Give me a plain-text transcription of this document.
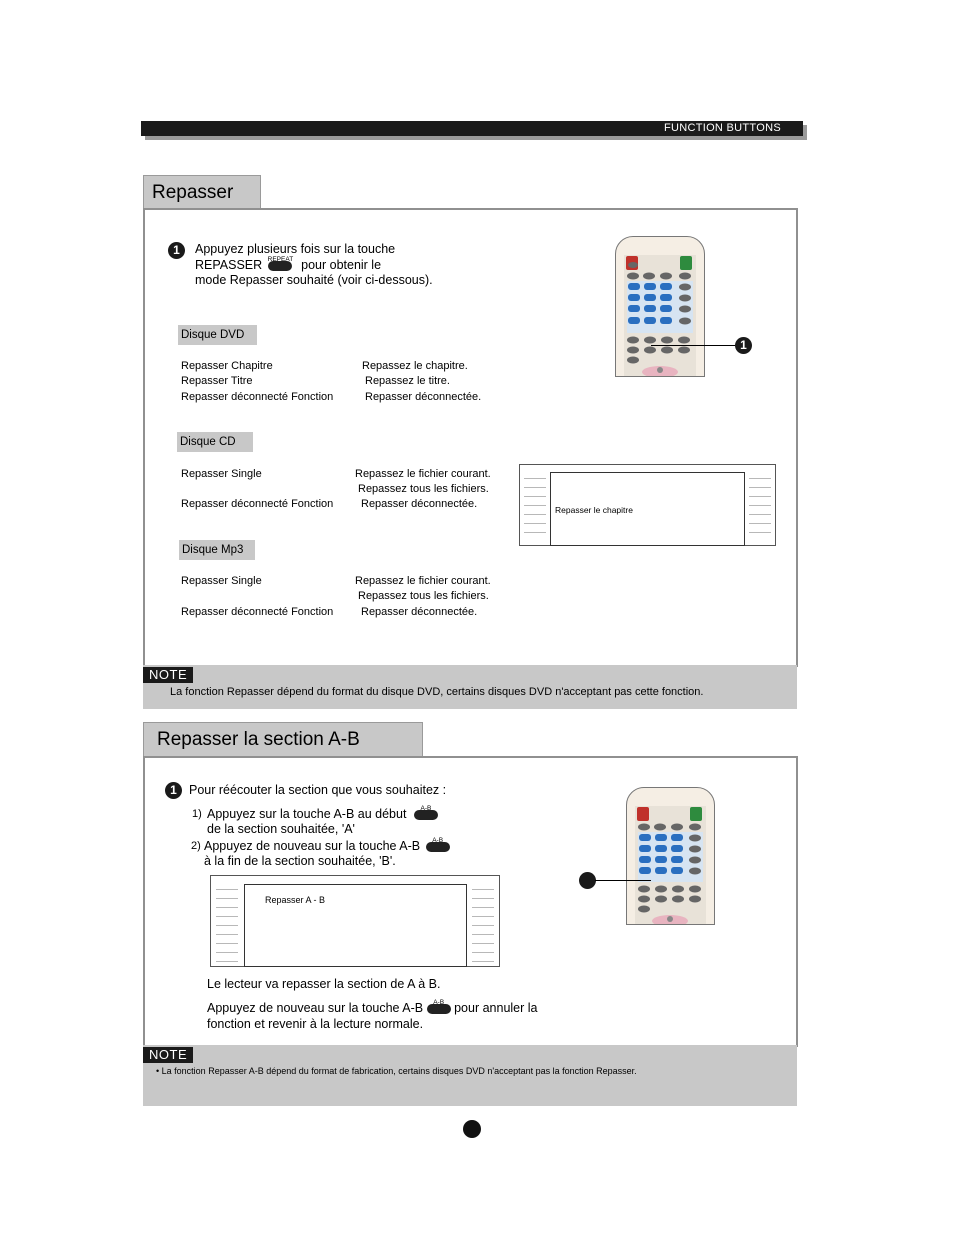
FUNCTION BUTTONS
Repasser
1	Appuyez plusieurs fois sur la touche
REPASSER REPEAT pour obtenir le
mode Repasser souhaité (voir ci-dessous).
1
Disque DVD
Repasser Chapitre	Repassez le chapitre.
Repasser Titre	Repassez le titre.
Repasser déconnecté Fonction	Repasser déconnectée.
Disque CD
Repasser Single	Repassez le fichier courant.
Repassez tous les fichiers.
Repasser déconnecté Fonction	Repasser déconnectée.	Repasser le chapitre
Disque Mp3
Repasser Single	Repassez le fichier courant.
Repassez tous les fichiers.
Repasser déconnecté Fonction	Repasser déconnectée.
NOTE
La fonction Repasser dépend du format du disque DVD, certains disques DVD n'acceptant pas cette fonction.
Repasser la section A-B
1 Pour réécouter la section que vous souhaitez :
1) Appuyez sur la touche A-B au début	A-B
de la section souhaitée, 'A'
2) Appuyez de nouveau sur la touche A-B	A-B
à la fin de la section souhaitée, 'B'.
Repasser A - B
Le lecteur va repasser la section de A à B.
Appuyez de nouveau sur la touche A-B	A-B pour annuler la
fonction et revenir à la lecture normale.
NOTE
• La fonction Repasser A-B dépend du format de fabrication, certains disques DVD n'acceptant pas la fonction Repasser.
